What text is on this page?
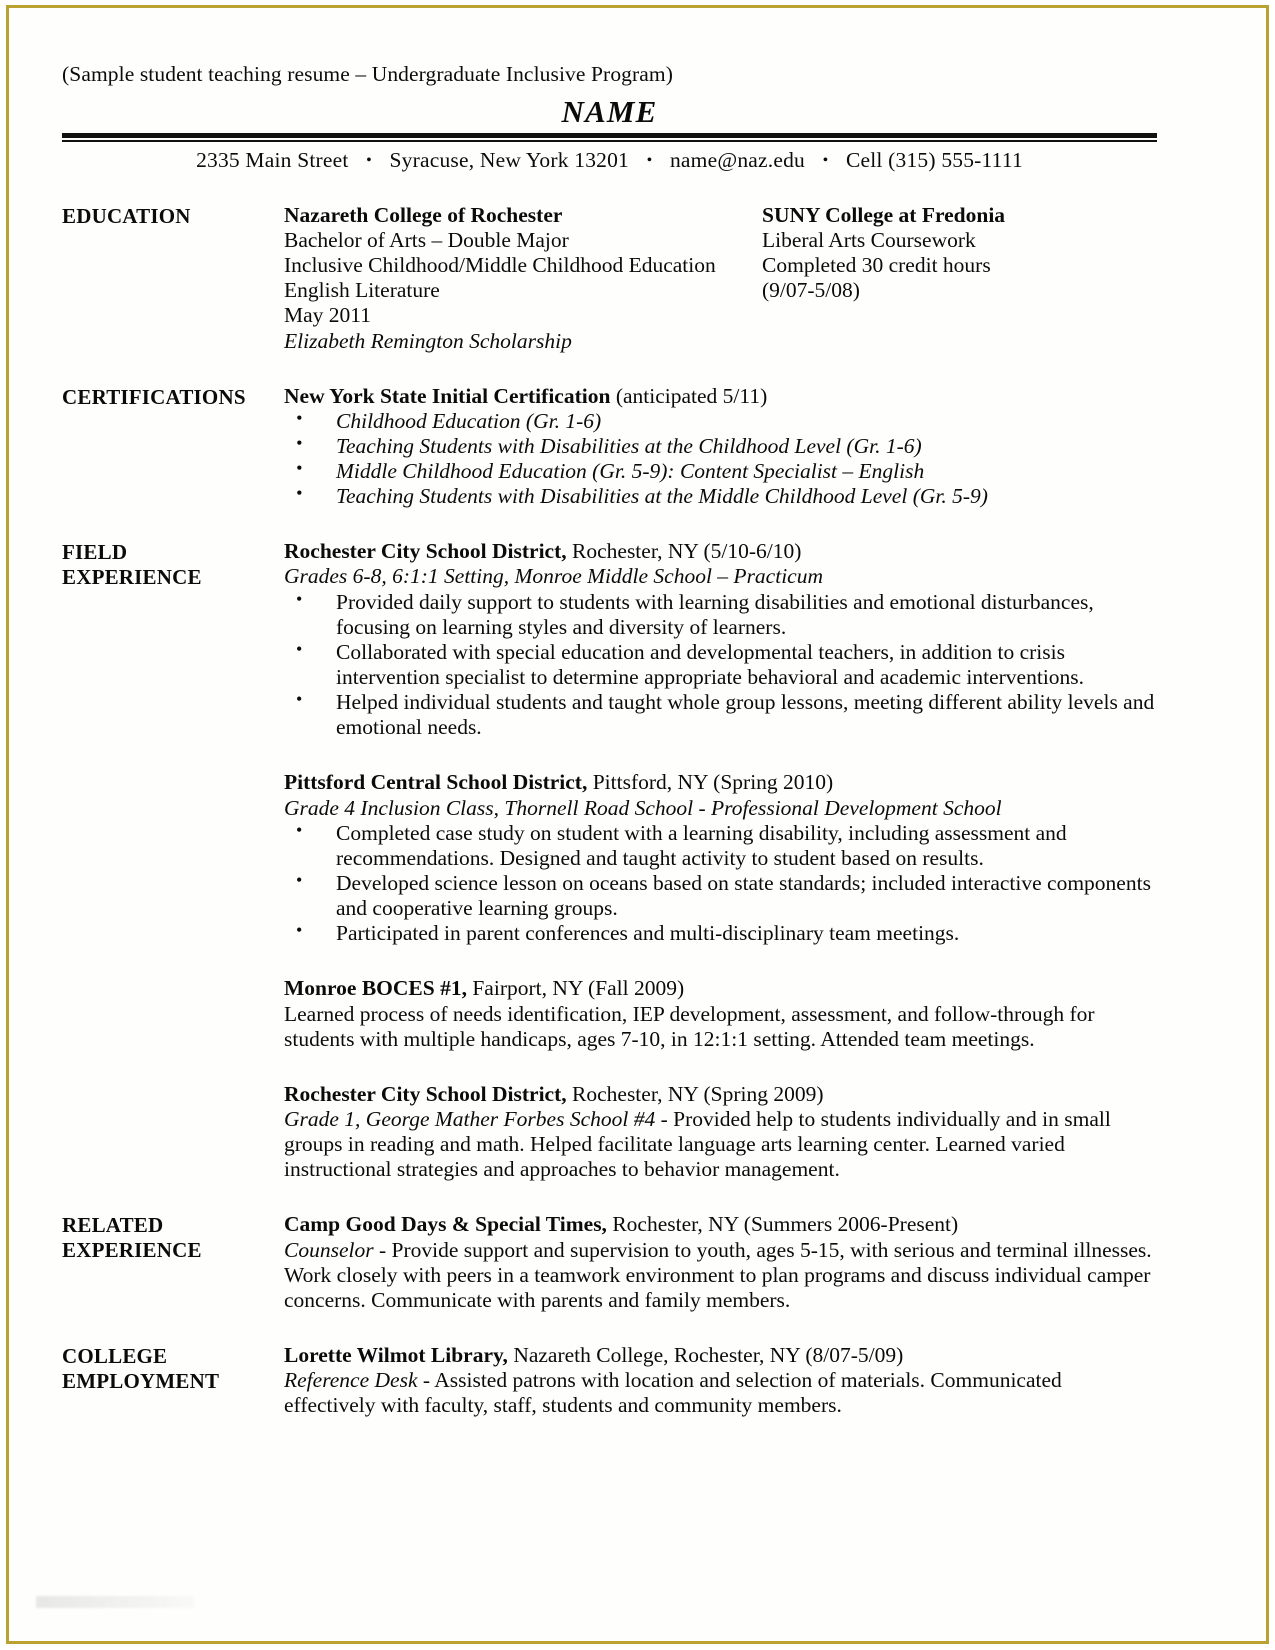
(Sample student teaching resume – Undergraduate Inclusive Program)

NAME
2335 Main Street • Syracuse, New York 13201 • name@naz.edu • Cell (315) 555-1111
EDUCATION	Nazareth College of Rochester
Bachelor of Arts – Double Major
Inclusive Childhood/Middle Childhood Education
English Literature
May 2011
Elizabeth Remington Scholarship
SUNY College at Fredonia
Liberal Arts Coursework
Completed 30 credit hours
(9/07-5/08)
CERTIFICATIONS	New York State Initial Certification (anticipated 5/11)

• Childhood Education (Gr. 1-6)
• Teaching Students with Disabilities at the Childhood Level (Gr. 1-6)
• Middle Childhood Education (Gr. 5-9): Content Specialist – English
• Teaching Students with Disabilities at the Middle Childhood Level (Gr. 5-9)
FIELD
EXPERIENCE

Rochester City School District, Rochester, NY (5/10-6/10)

Grades 6-8, 6:1:1 Setting, Monroe Middle School – Practicum

• Provided daily support to students with learning disabilities and emotional disturbances, focusing on learning styles and diversity of learners.
• Collaborated with special education and developmental teachers, in addition to crisis intervention specialist to determine appropriate behavioral and academic interventions.
• Helped individual students and taught whole group lessons, meeting different ability levels and emotional needs.

Pittsford Central School District, Pittsford, NY (Spring 2010)

Grade 4 Inclusion Class, Thornell Road School - Professional Development School

• Completed case study on student with a learning disability, including assessment and recommendations. Designed and taught activity to student based on results.
• Developed science lesson on oceans based on state standards; included interactive components and cooperative learning groups.
• Participated in parent conferences and multi-disciplinary team meetings.

Monroe BOCES #1, Fairport, NY (Fall 2009)

Learned process of needs identification, IEP development, assessment, and follow-through for students with multiple handicaps, ages 7-10, in 12:1:1 setting. Attended team meetings.

Rochester City School District, Rochester, NY (Spring 2009)

Grade 1, George Mather Forbes School #4 - Provided help to students individually and in small groups in reading and math. Helped facilitate language arts learning center. Learned varied instructional strategies and approaches to behavior management.

RELATED
EXPERIENCE

Camp Good Days & Special Times, Rochester, NY (Summers 2006-Present)

Counselor - Provide support and supervision to youth, ages 5-15, with serious and terminal illnesses. Work closely with peers in a teamwork environment to plan programs and discuss individual camper concerns. Communicate with parents and family members.

COLLEGE
EMPLOYMENT

Lorette Wilmot Library, Nazareth College, Rochester, NY (8/07-5/09)

Reference Desk - Assisted patrons with location and selection of materials. Communicated effectively with faculty, staff, students and community members.
